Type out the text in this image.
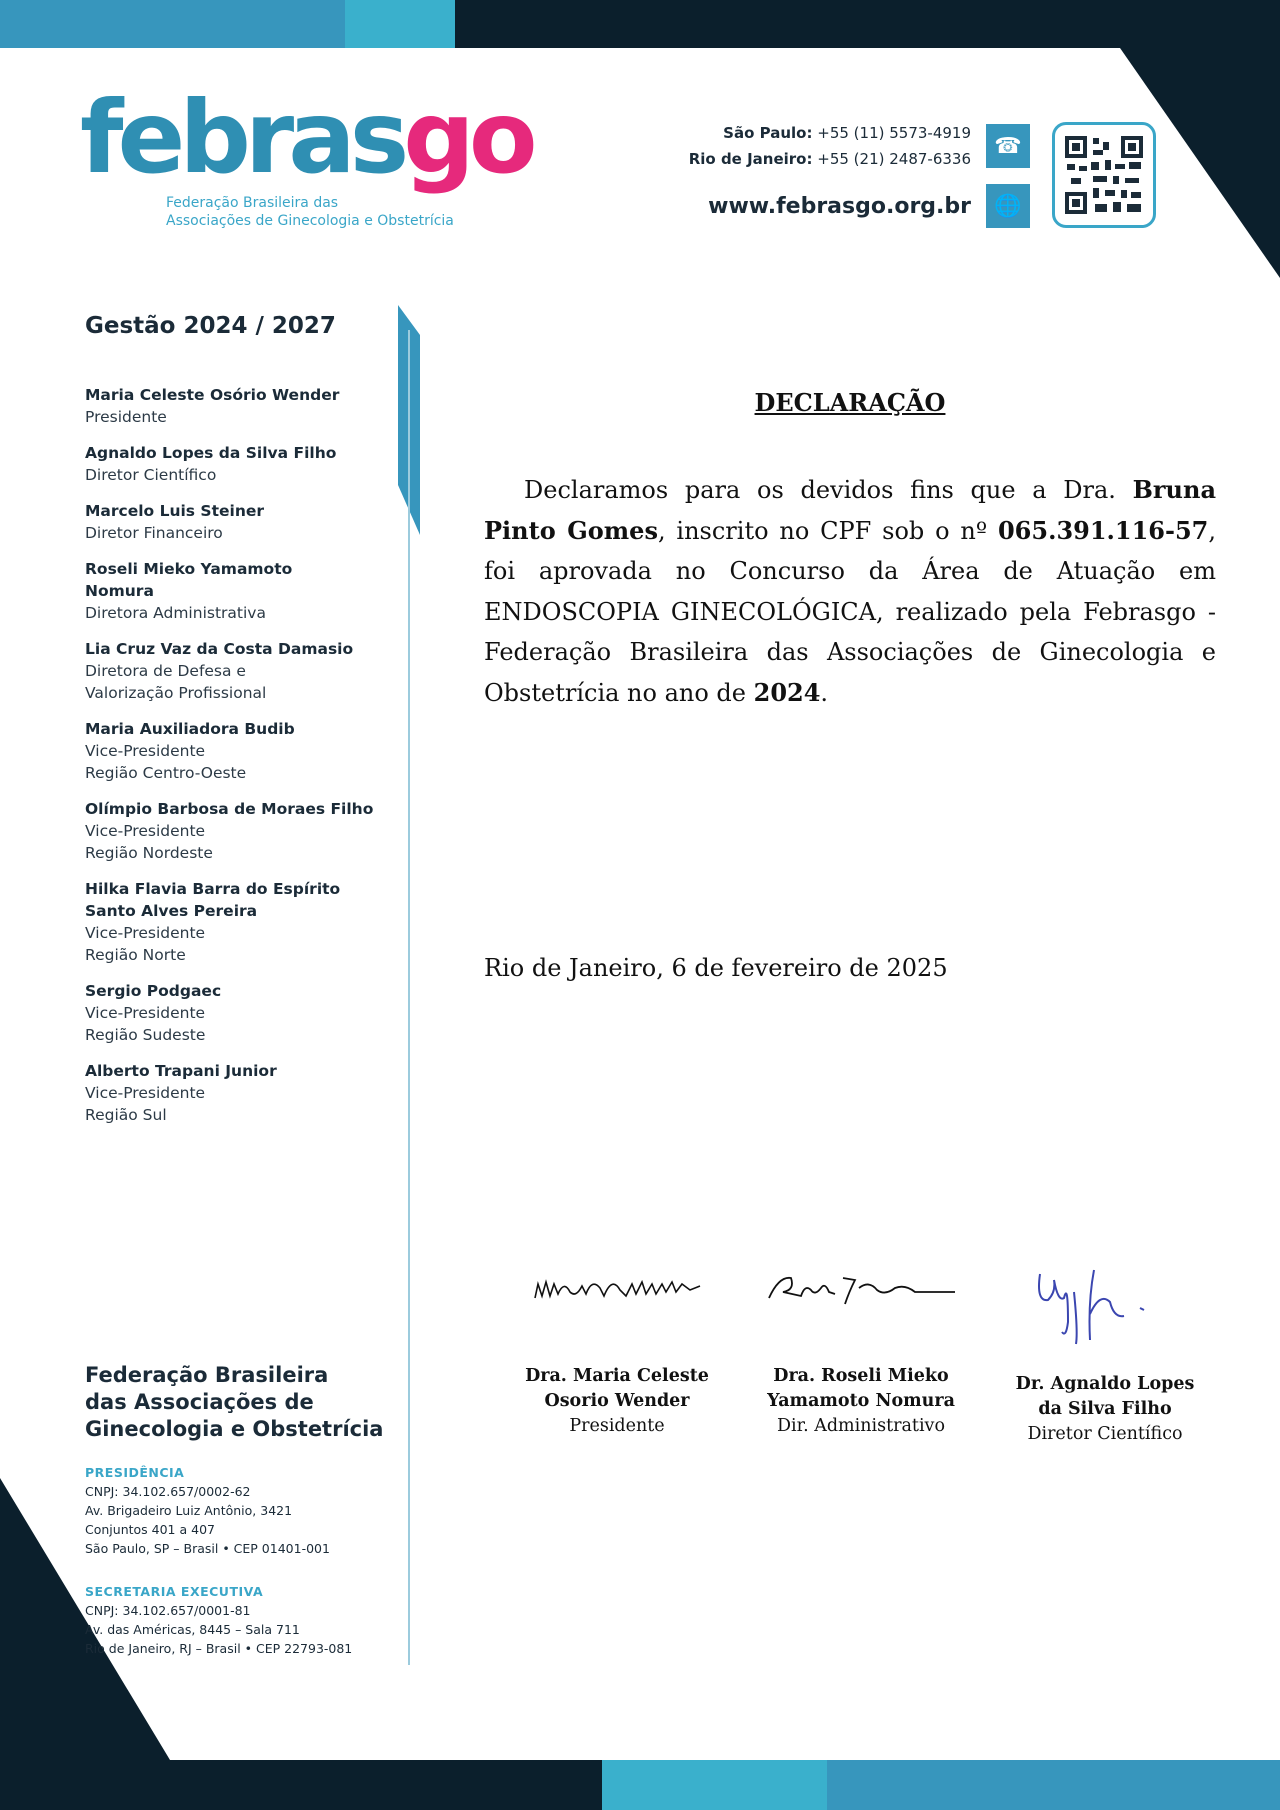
febrasgo
Federação Brasileira das
Associações de Ginecologia e Obstetrícia
São Paulo: +55 (11) 5573-4919
Rio de Janeiro: +55 (21) 2487-6336
www.febrasgo.org.br
☎
🌐
Gestão 2024 / 2027
Maria Celeste Osório Wender
Presidente
Agnaldo Lopes da Silva Filho
Diretor Científico
Marcelo Luis Steiner
Diretor Financeiro
Roseli Mieko Yamamoto Nomura
Diretora Administrativa
Lia Cruz Vaz da Costa Damasio
Diretora de Defesa e
Valorização Profissional
Maria Auxiliadora Budib
Vice-Presidente
Região Centro-Oeste
Olímpio Barbosa de Moraes Filho
Vice-Presidente
Região Nordeste
Hilka Flavia Barra do Espírito Santo Alves Pereira
Vice-Presidente
Região Norte
Sergio Podgaec
Vice-Presidente
Região Sudeste
Alberto Trapani Junior
Vice-Presidente
Região Sul
Federação Brasileira
das Associações de
Ginecologia e Obstetrícia
PRESIDÊNCIA
CNPJ: 34.102.657/0002-62
Av. Brigadeiro Luiz Antônio, 3421
Conjuntos 401 a 407
São Paulo, SP – Brasil • CEP 01401-001
SECRETARIA EXECUTIVA
CNPJ: 34.102.657/0001-81
Av. das Américas, 8445 – Sala 711
Rio de Janeiro, RJ – Brasil • CEP 22793-081
DECLARAÇÃO
Declaramos para os devidos fins que a Dra. Bruna Pinto Gomes, inscrito no CPF sob o nº 065.391.116-57, foi aprovada no Concurso da Área de Atuação em ENDOSCOPIA GINECOLÓGICA, realizado pela Febrasgo - Federação Brasileira das Associações de Ginecologia e Obstetrícia no ano de 2024.
Rio de Janeiro, 6 de fevereiro de 2025
Dra. Maria Celeste
Osorio Wender
Presidente
Dra. Roseli Mieko
Yamamoto Nomura
Dir. Administrativo
Dr. Agnaldo Lopes
da Silva Filho
Diretor Científico
